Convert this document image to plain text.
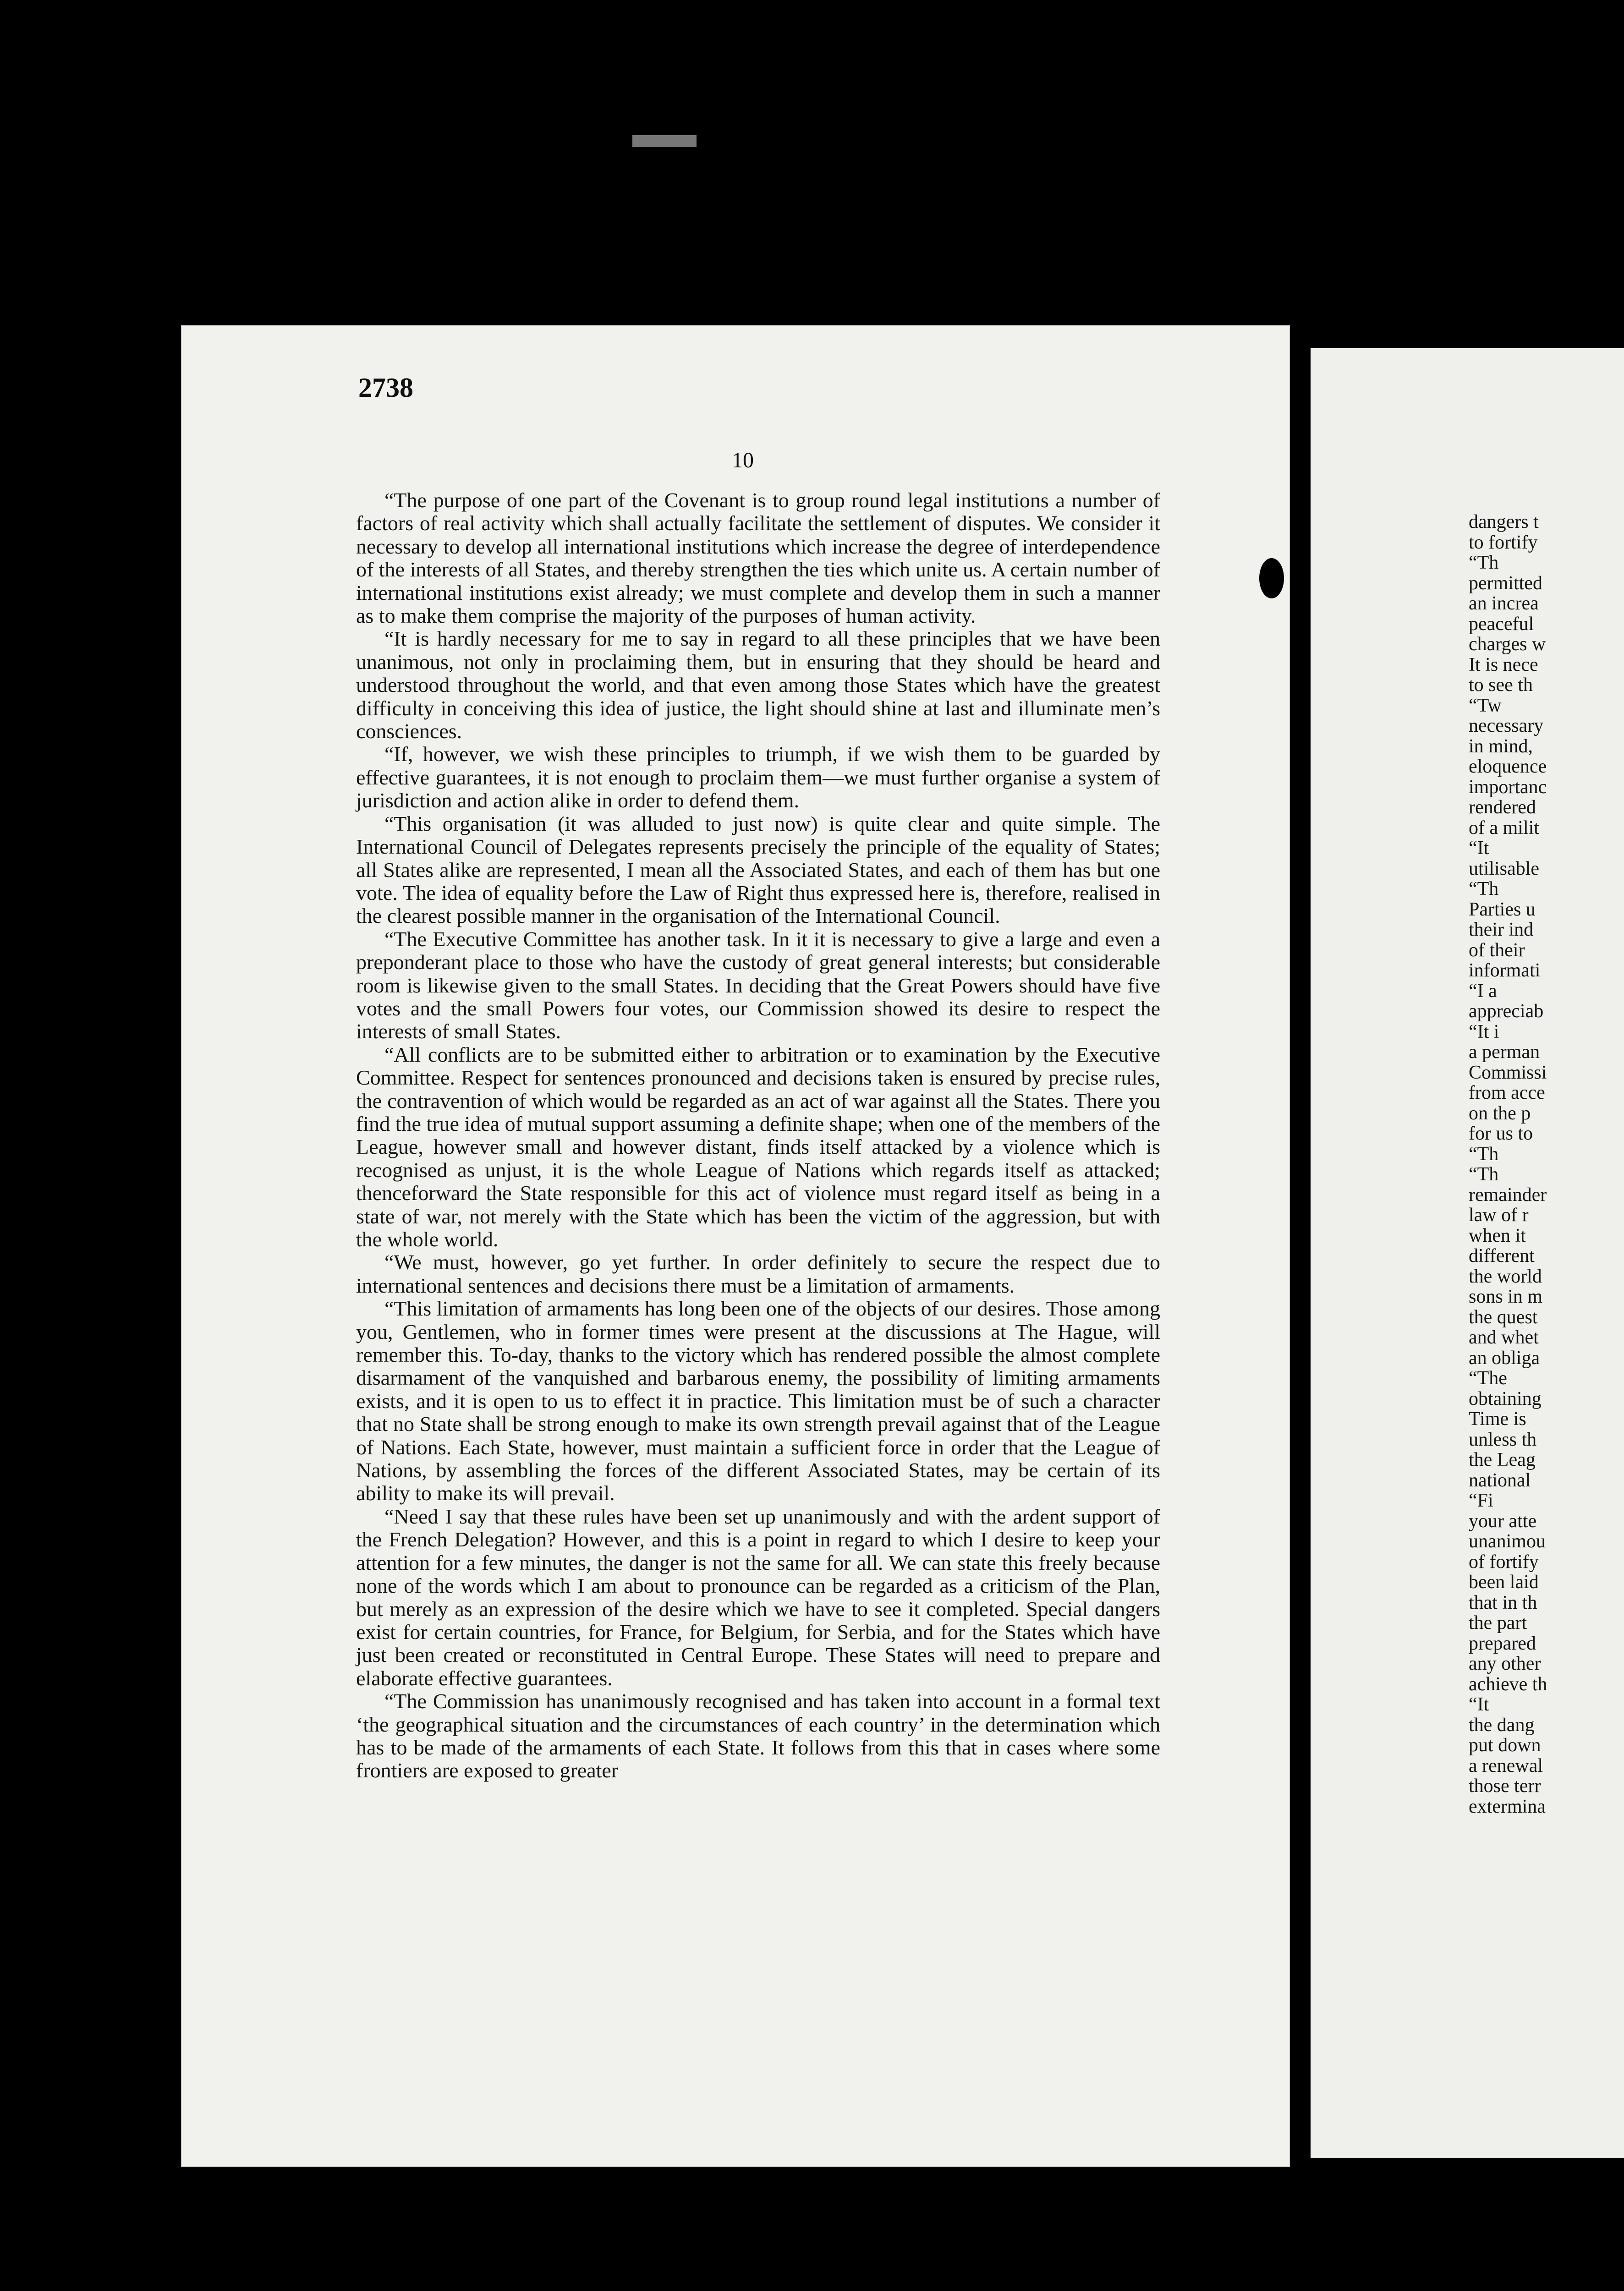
2738

10

“The purpose of one part of the Covenant is to group round legal institutions a number of factors of real activity which shall actually facilitate the settlement of disputes. We consider it necessary to develop all international institutions which increase the degree of interdependence of the interests of all States, and thereby strengthen the ties which unite us. A certain number of international institutions exist already; we must complete and develop them in such a manner as to make them comprise the majority of the purposes of human activity.

“It is hardly necessary for me to say in regard to all these principles that we have been unanimous, not only in proclaiming them, but in ensuring that they should be heard and understood throughout the world, and that even among those States which have the greatest difficulty in conceiving this idea of justice, the light should shine at last and illuminate men’s consciences.

“If, however, we wish these principles to triumph, if we wish them to be guarded by effective guarantees, it is not enough to proclaim them—we must further organise a system of jurisdiction and action alike in order to defend them.

“This organisation (it was alluded to just now) is quite clear and quite simple. The International Council of Delegates represents precisely the principle of the equality of States; all States alike are represented, I mean all the Associated States, and each of them has but one vote. The idea of equality before the Law of Right thus expressed here is, therefore, realised in the clearest possible manner in the organisation of the International Council.

“The Executive Committee has another task. In it it is necessary to give a large and even a preponderant place to those who have the custody of great general interests; but considerable room is likewise given to the small States. In deciding that the Great Powers should have five votes and the small Powers four votes, our Commission showed its desire to respect the interests of small States.

“All conflicts are to be submitted either to arbitration or to examination by the Executive Committee. Respect for sentences pronounced and decisions taken is ensured by precise rules, the contravention of which would be regarded as an act of war against all the States. There you find the true idea of mutual support assuming a definite shape; when one of the members of the League, however small and however distant, finds itself attacked by a violence which is recognised as unjust, it is the whole League of Nations which regards itself as attacked; thenceforward the State responsible for this act of violence must regard itself as being in a state of war, not merely with the State which has been the victim of the aggression, but with the whole world.

“We must, however, go yet further. In order definitely to secure the respect due to international sentences and decisions there must be a limitation of armaments.

“This limitation of armaments has long been one of the objects of our desires. Those among you, Gentlemen, who in former times were present at the discussions at The Hague, will remember this. To-day, thanks to the victory which has rendered possible the almost complete disarmament of the vanquished and barbarous enemy, the possibility of limiting armaments exists, and it is open to us to effect it in practice. This limitation must be of such a character that no State shall be strong enough to make its own strength prevail against that of the League of Nations. Each State, however, must maintain a sufficient force in order that the League of Nations, by assembling the forces of the different Associated States, may be certain of its ability to make its will prevail.

“Need I say that these rules have been set up unanimously and with the ardent support of the French Delegation? However, and this is a point in regard to which I desire to keep your attention for a few minutes, the danger is not the same for all. We can state this freely because none of the words which I am about to pronounce can be regarded as a criticism of the Plan, but merely as an expression of the desire which we have to see it completed. Special dangers exist for certain countries, for France, for Belgium, for Serbia, and for the States which have just been created or reconstituted in Central Europe. These States will need to prepare and elaborate effective guarantees.

“The Commission has unanimously recognised and has taken into account in a formal text ‘the geographical situation and the circumstances of each country’ in the determination which has to be made of the armaments of each State. It follows from this that in cases where some frontiers are exposed to greater

dangers t
to fortify
“Th
permitted
an increa
peaceful
charges w
It is nece
to see th
“Tw
necessary
in mind,
eloquence
importanc
rendered
of a milit
“It
utilisable
“Th
Parties u
their ind
of their
informati
“I a
appreciab
“It i
a perman
Commissi
from acce
on the p
for us to
“Th
“Th
remainder
law of r
when it
different
the world
sons in m
the quest
and whet
an obliga
“The
obtaining
Time is
unless th
the Leag
national
“Fi
your atte
unanimou
of fortify
been laid
that in th
the part
prepared
any other
achieve th
“It
the dang
put down
a renewal
those terr
extermina
